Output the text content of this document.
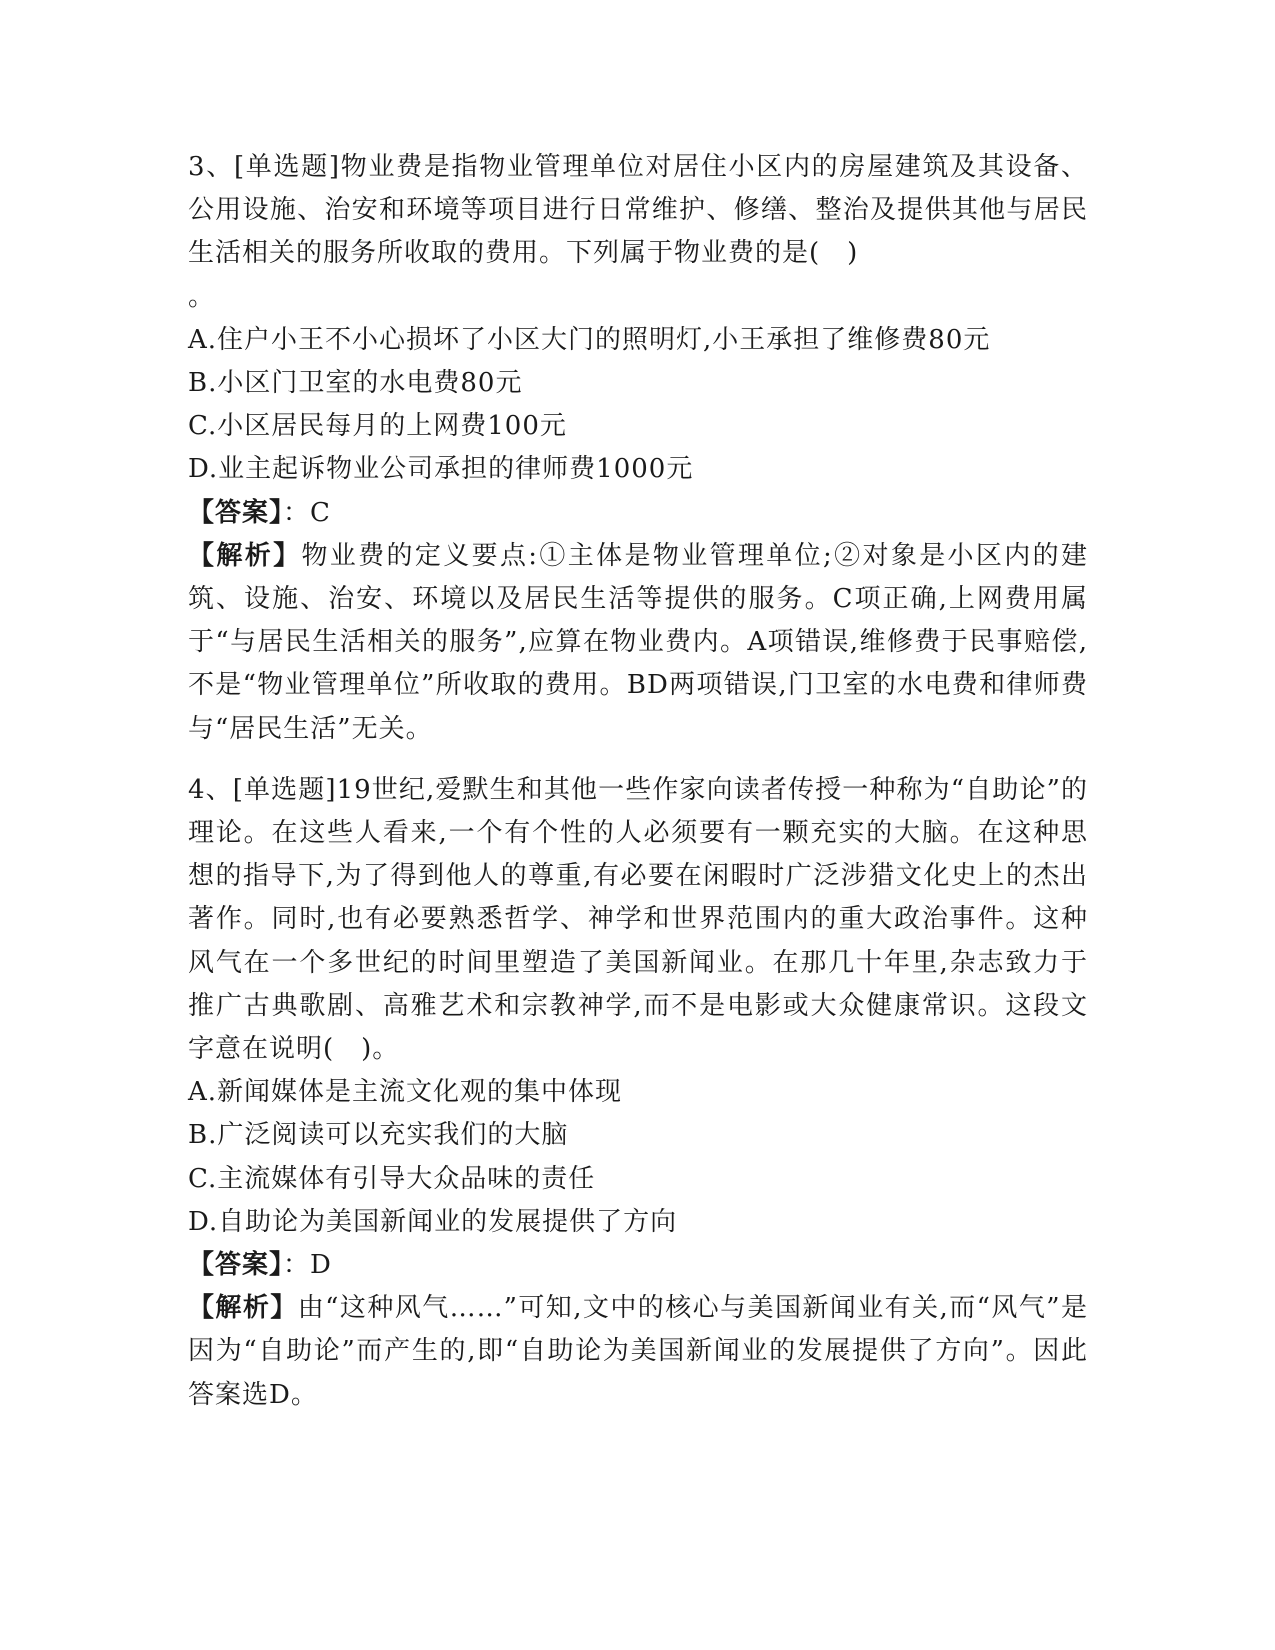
3、[单选题]物业费是指物业管理单位对居住小区内的房屋建筑及其设备、公用设施、治安和环境等项目进行日常维护、修缮、整治及提供其他与居民生活相关的服务所收取的费用。下列属于物业费的是(　)

。

A.住户小王不小心损坏了小区大门的照明灯,小王承担了维修费80元

B.小区门卫室的水电费80元

C.小区居民每月的上网费100元

D.业主起诉物业公司承担的律师费1000元

【答案】：C

【解析】物业费的定义要点:①主体是物业管理单位;②对象是小区内的建筑、设施、治安、环境以及居民生活等提供的服务。C项正确,上网费用属于“与居民生活相关的服务”,应算在物业费内。A项错误,维修费于民事赔偿,不是“物业管理单位”所收取的费用。BD两项错误,门卫室的水电费和律师费与“居民生活”无关。

4、[单选题]19世纪,爱默生和其他一些作家向读者传授一种称为“自助论”的理论。在这些人看来,一个有个性的人必须要有一颗充实的大脑。在这种思想的指导下,为了得到他人的尊重,有必要在闲暇时广泛涉猎文化史上的杰出著作。同时,也有必要熟悉哲学、神学和世界范围内的重大政治事件。这种风气在一个多世纪的时间里塑造了美国新闻业。在那几十年里,杂志致力于推广古典歌剧、高雅艺术和宗教神学,而不是电影或大众健康常识。这段文字意在说明(　)。

A.新闻媒体是主流文化观的集中体现

B.广泛阅读可以充实我们的大脑

C.主流媒体有引导大众品味的责任

D.自助论为美国新闻业的发展提供了方向

【答案】：D

【解析】由“这种风气……”可知,文中的核心与美国新闻业有关,而“风气”是因为“自助论”而产生的,即“自助论为美国新闻业的发展提供了方向”。因此答案选D。
